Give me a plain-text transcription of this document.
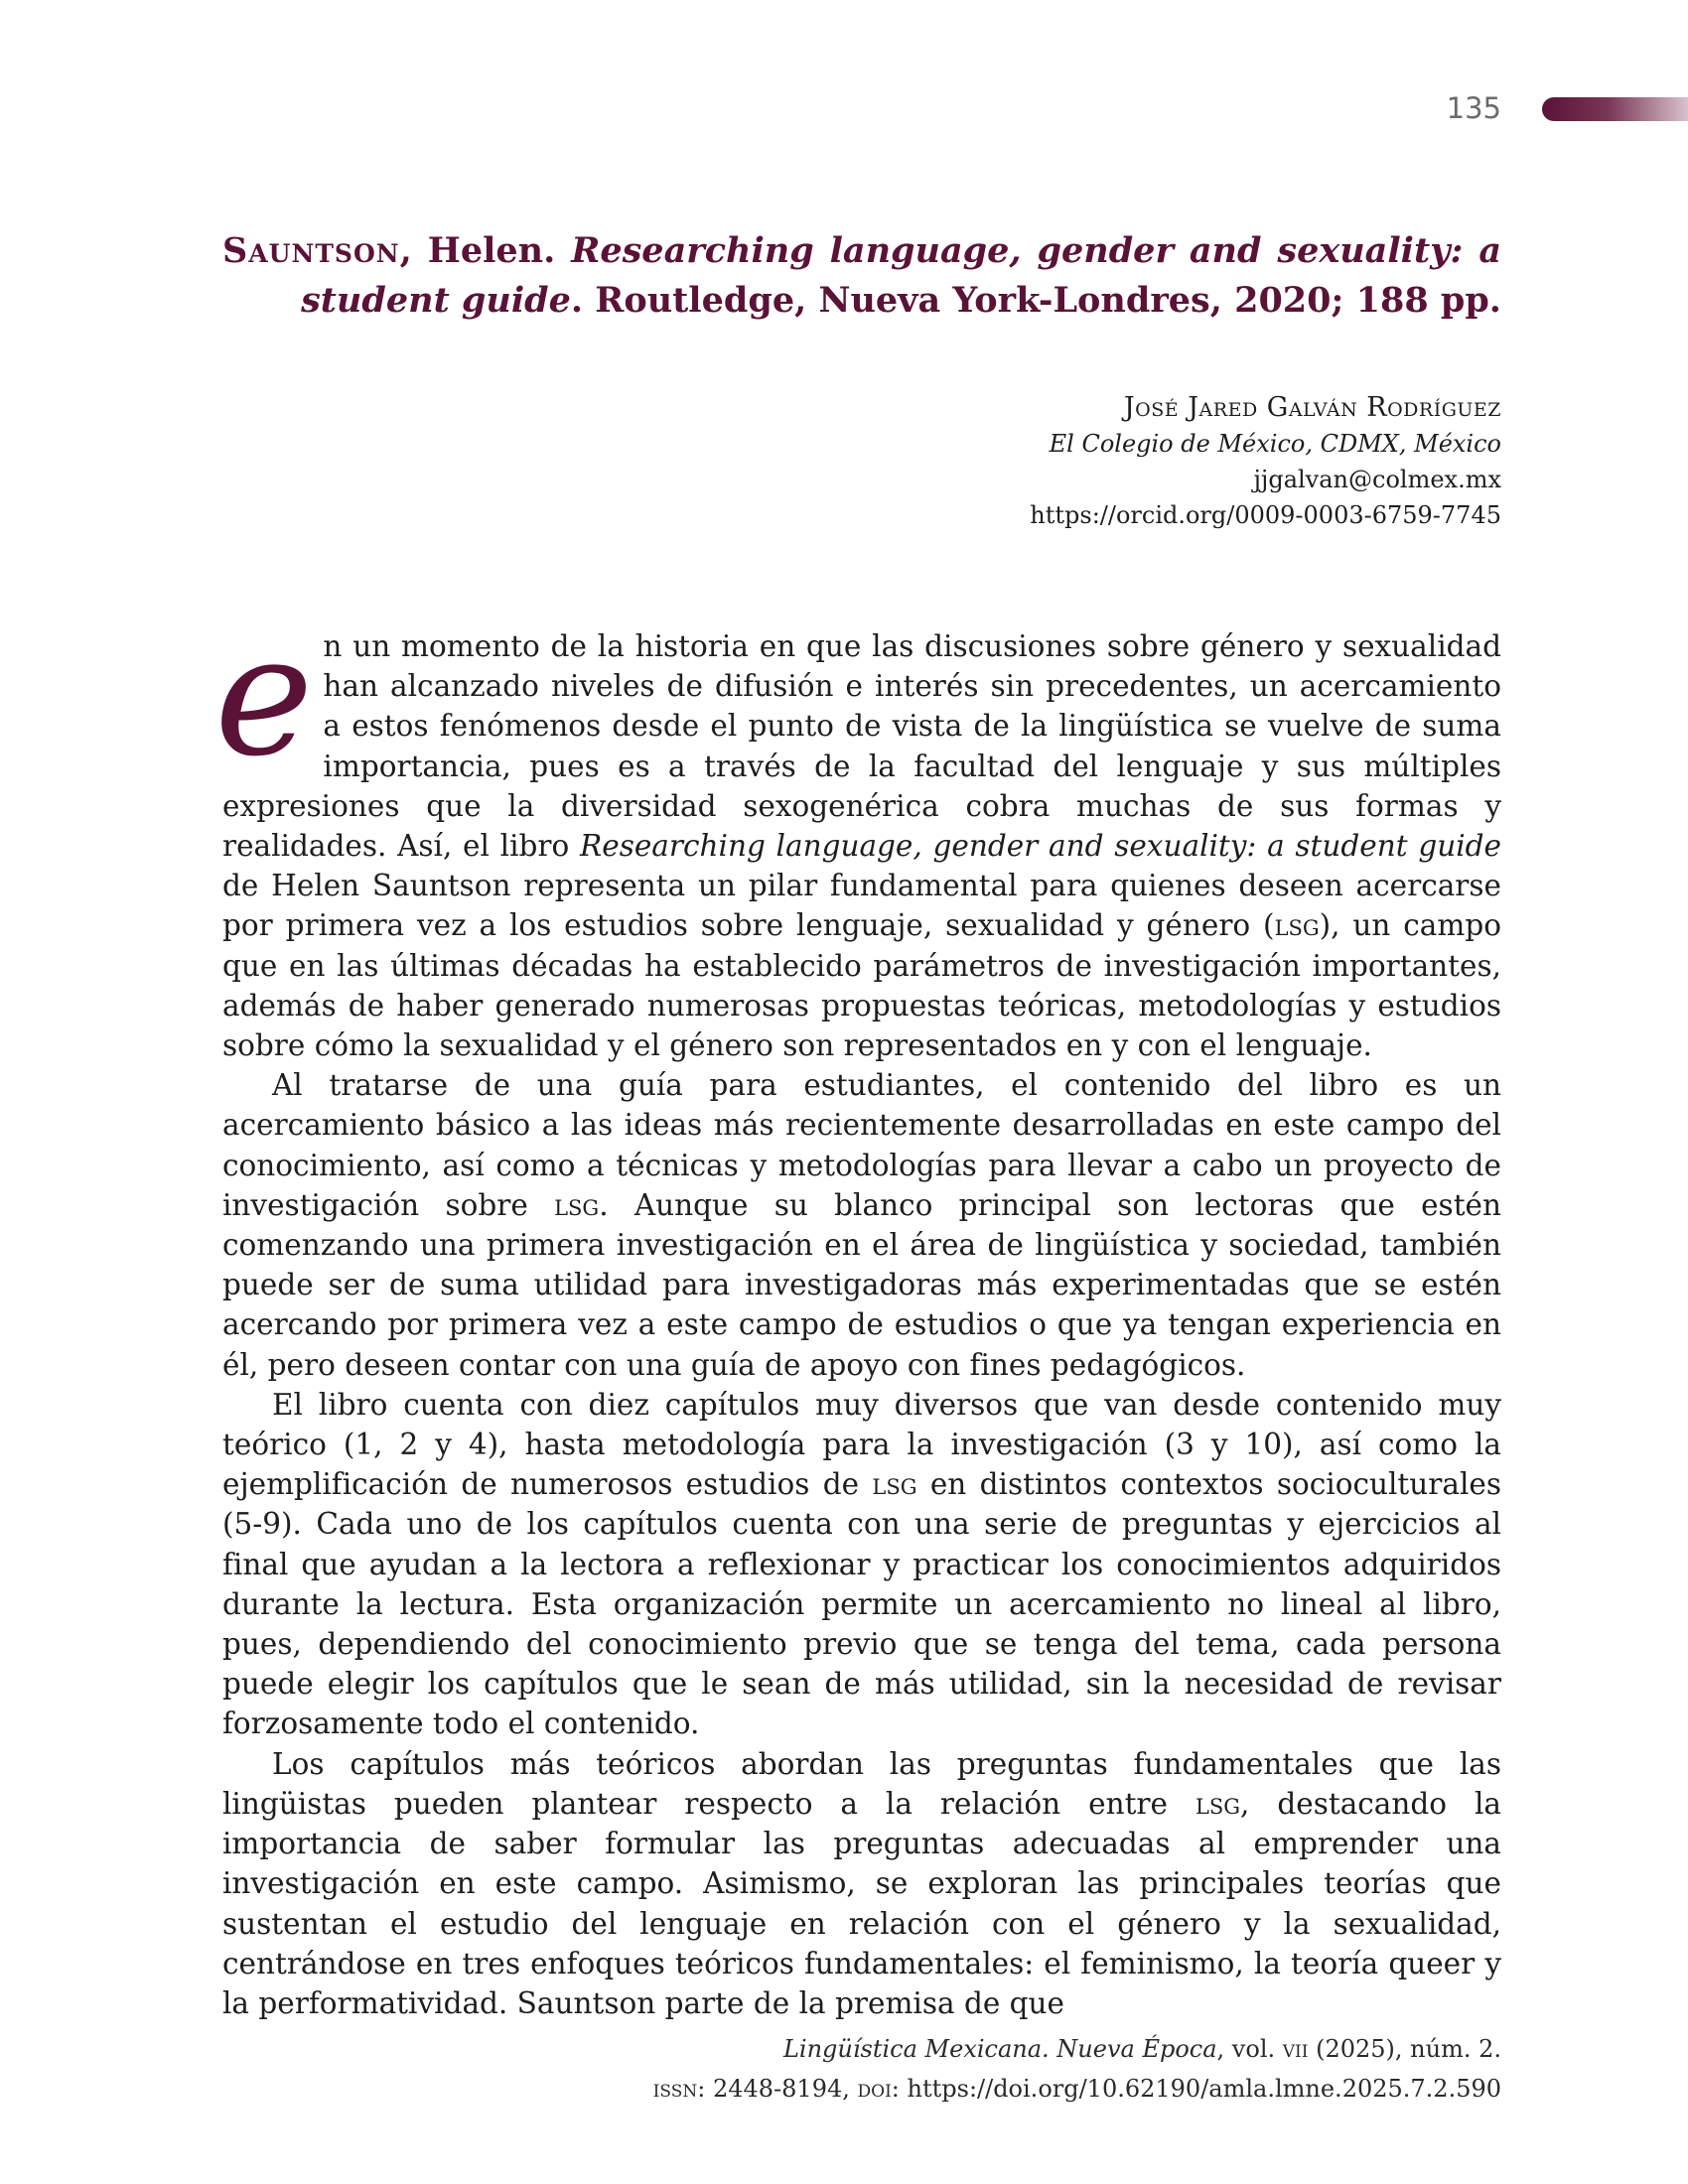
135
Sauntson, Helen. Researching language, gender and sexuality: a student guide. Routledge, Nueva York-Londres, 2020; 188 pp.
José Jared Galván Rodríguez
El Colegio de México, CDMX, México
jjgalvan@colmex.mx
https://orcid.org/0009-0003-6759-7745

en un momento de la historia en que las discusiones sobre género y sexualidad han alcanzado niveles de difusión e interés sin precedentes, un acercamiento a estos fenómenos desde el punto de vista de la lingüística se vuelve de suma importancia, pues es a través de la facultad del lenguaje y sus múltiples expresiones que la diversidad sexogenérica cobra muchas de sus formas y realidades. Así, el libro Researching language, gender and sexuality: a student guide de Helen Sauntson representa un pilar fundamental para quienes deseen acercarse por primera vez a los estudios sobre lenguaje, sexualidad y género (lsg), un campo que en las últimas décadas ha establecido parámetros de investigación importantes, además de haber generado numerosas propuestas teóricas, metodologías y estudios sobre cómo la sexualidad y el género son representados en y con el lenguaje.

Al tratarse de una guía para estudiantes, el contenido del libro es un acercamiento básico a las ideas más recientemente desarrolladas en este campo del conocimiento, así como a técnicas y metodologías para llevar a cabo un proyecto de investigación sobre lsg. Aunque su blanco principal son lectoras que estén comenzando una primera investigación en el área de lingüística y sociedad, también puede ser de suma utilidad para investigadoras más experimentadas que se estén acercando por primera vez a este campo de estudios o que ya tengan experiencia en él, pero deseen contar con una guía de apoyo con fines pedagógicos.

El libro cuenta con diez capítulos muy diversos que van desde contenido muy teórico (1, 2 y 4), hasta metodología para la investigación (3 y 10), así como la ejemplificación de numerosos estudios de lsg en distintos contextos socioculturales (5-9). Cada uno de los capítulos cuenta con una serie de preguntas y ejercicios al final que ayudan a la lectora a reflexionar y practicar los conocimientos adquiridos durante la lectura. Esta organización permite un acercamiento no lineal al libro, pues, dependiendo del conocimiento previo que se tenga del tema, cada persona puede elegir los capítulos que le sean de más utilidad, sin la necesidad de revisar forzosamente todo el contenido.

Los capítulos más teóricos abordan las preguntas fundamentales que las lingüistas pueden plantear respecto a la relación entre lsg, destacando la importancia de saber formular las preguntas adecuadas al emprender una investigación en este campo. Asimismo, se exploran las principales teorías que sustentan el estudio del lenguaje en relación con el género y la sexualidad, centrándose en tres enfoques teóricos fundamentales: el feminismo, la teoría queer y la performatividad. Sauntson parte de la premisa de que

Lingüística Mexicana. Nueva Época, vol. vii (2025), núm. 2.
issn: 2448-8194, doi: https://doi.org/10.62190/amla.lmne.2025.7.2.590
